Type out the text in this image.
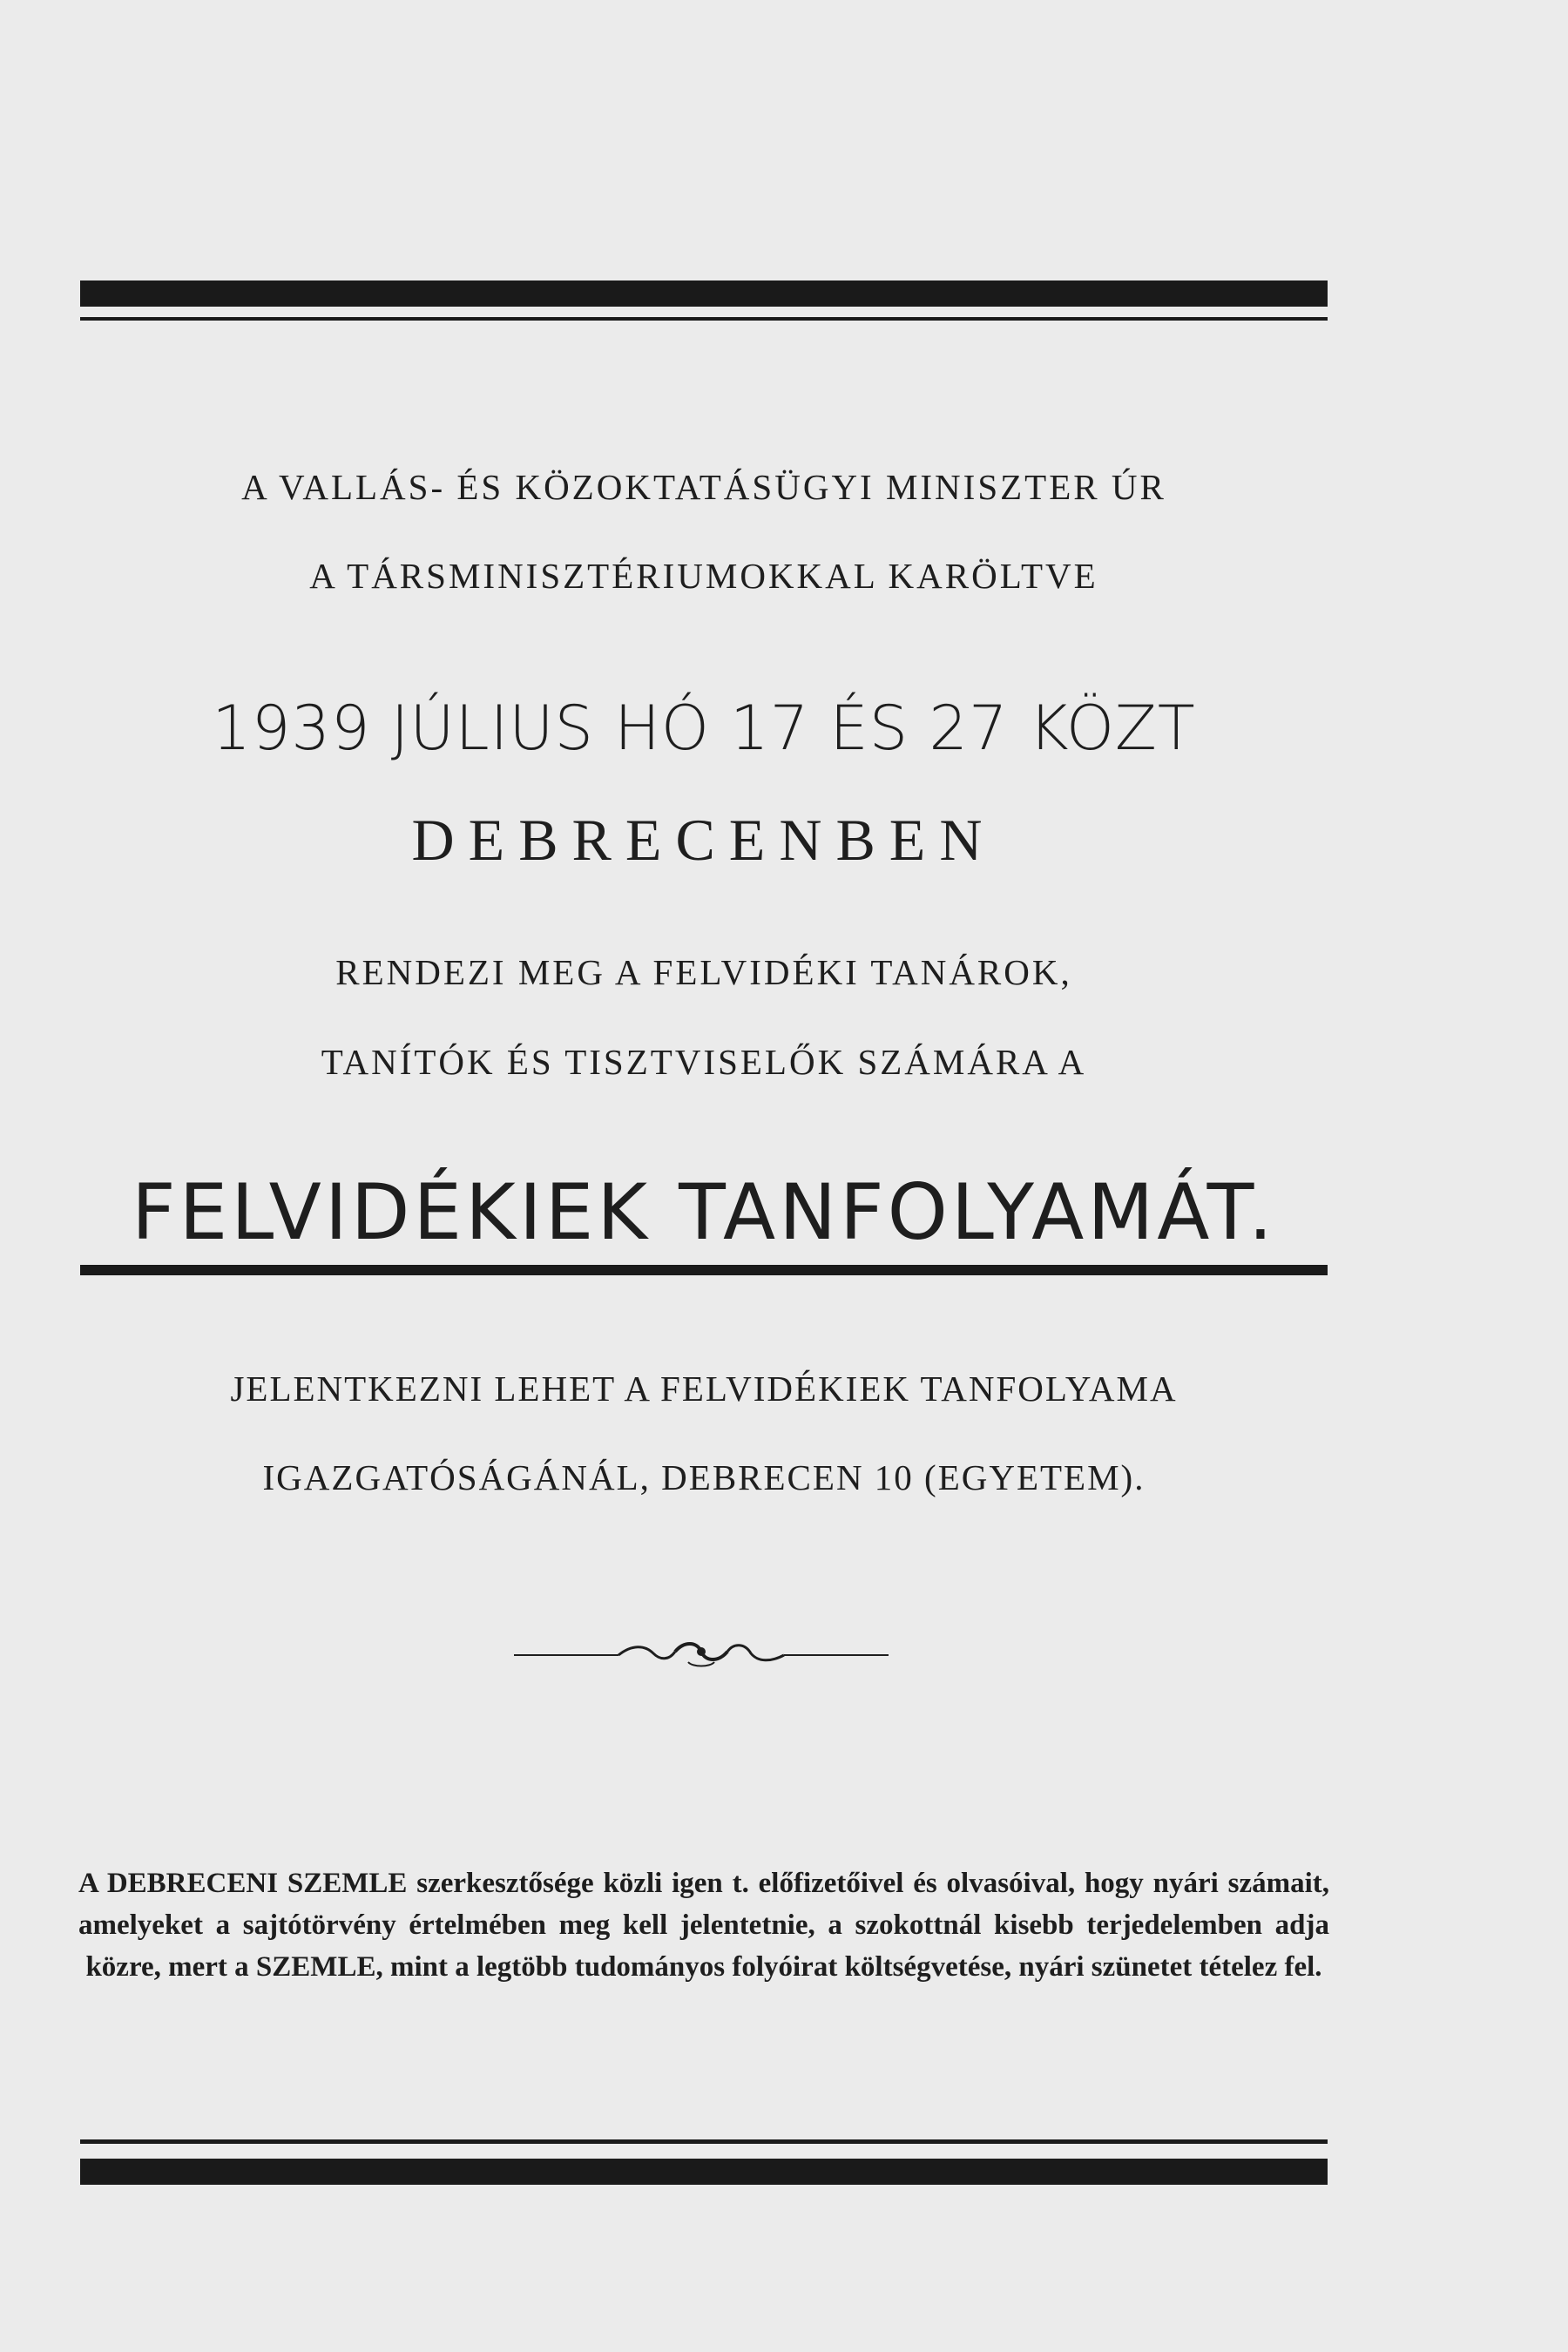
A VALLÁS- ÉS KÖZOKTATÁSÜGYI MINISZTER ÚR
A TÁRSMINISZTÉRIUMOKKAL KARÖLTVE
1939 JÚLIUS HÓ 17 ÉS 27 KÖZT
DEBRECENBEN
RENDEZI MEG A FELVIDÉKI TANÁROK,
TANÍTÓK ÉS TISZTVISELŐK SZÁMÁRA A
FELVIDÉKIEK TANFOLYAMÁT.
JELENTKEZNI LEHET A FELVIDÉKIEK TANFOLYAMA
IGAZGATÓSÁGÁNÁL, DEBRECEN 10 (EGYETEM).
A DEBRECENI SZEMLE szerkesztősége közli igen t. előfizetőivel és olvasóival, hogy nyári számait, amelyeket a sajtótörvény értelmében meg kell jelentetnie, a szokottnál kisebb terjedelemben adja közre, mert a SZEMLE, mint a legtöbb tudományos folyóirat költségvetése, nyári szünetet tételez fel.
